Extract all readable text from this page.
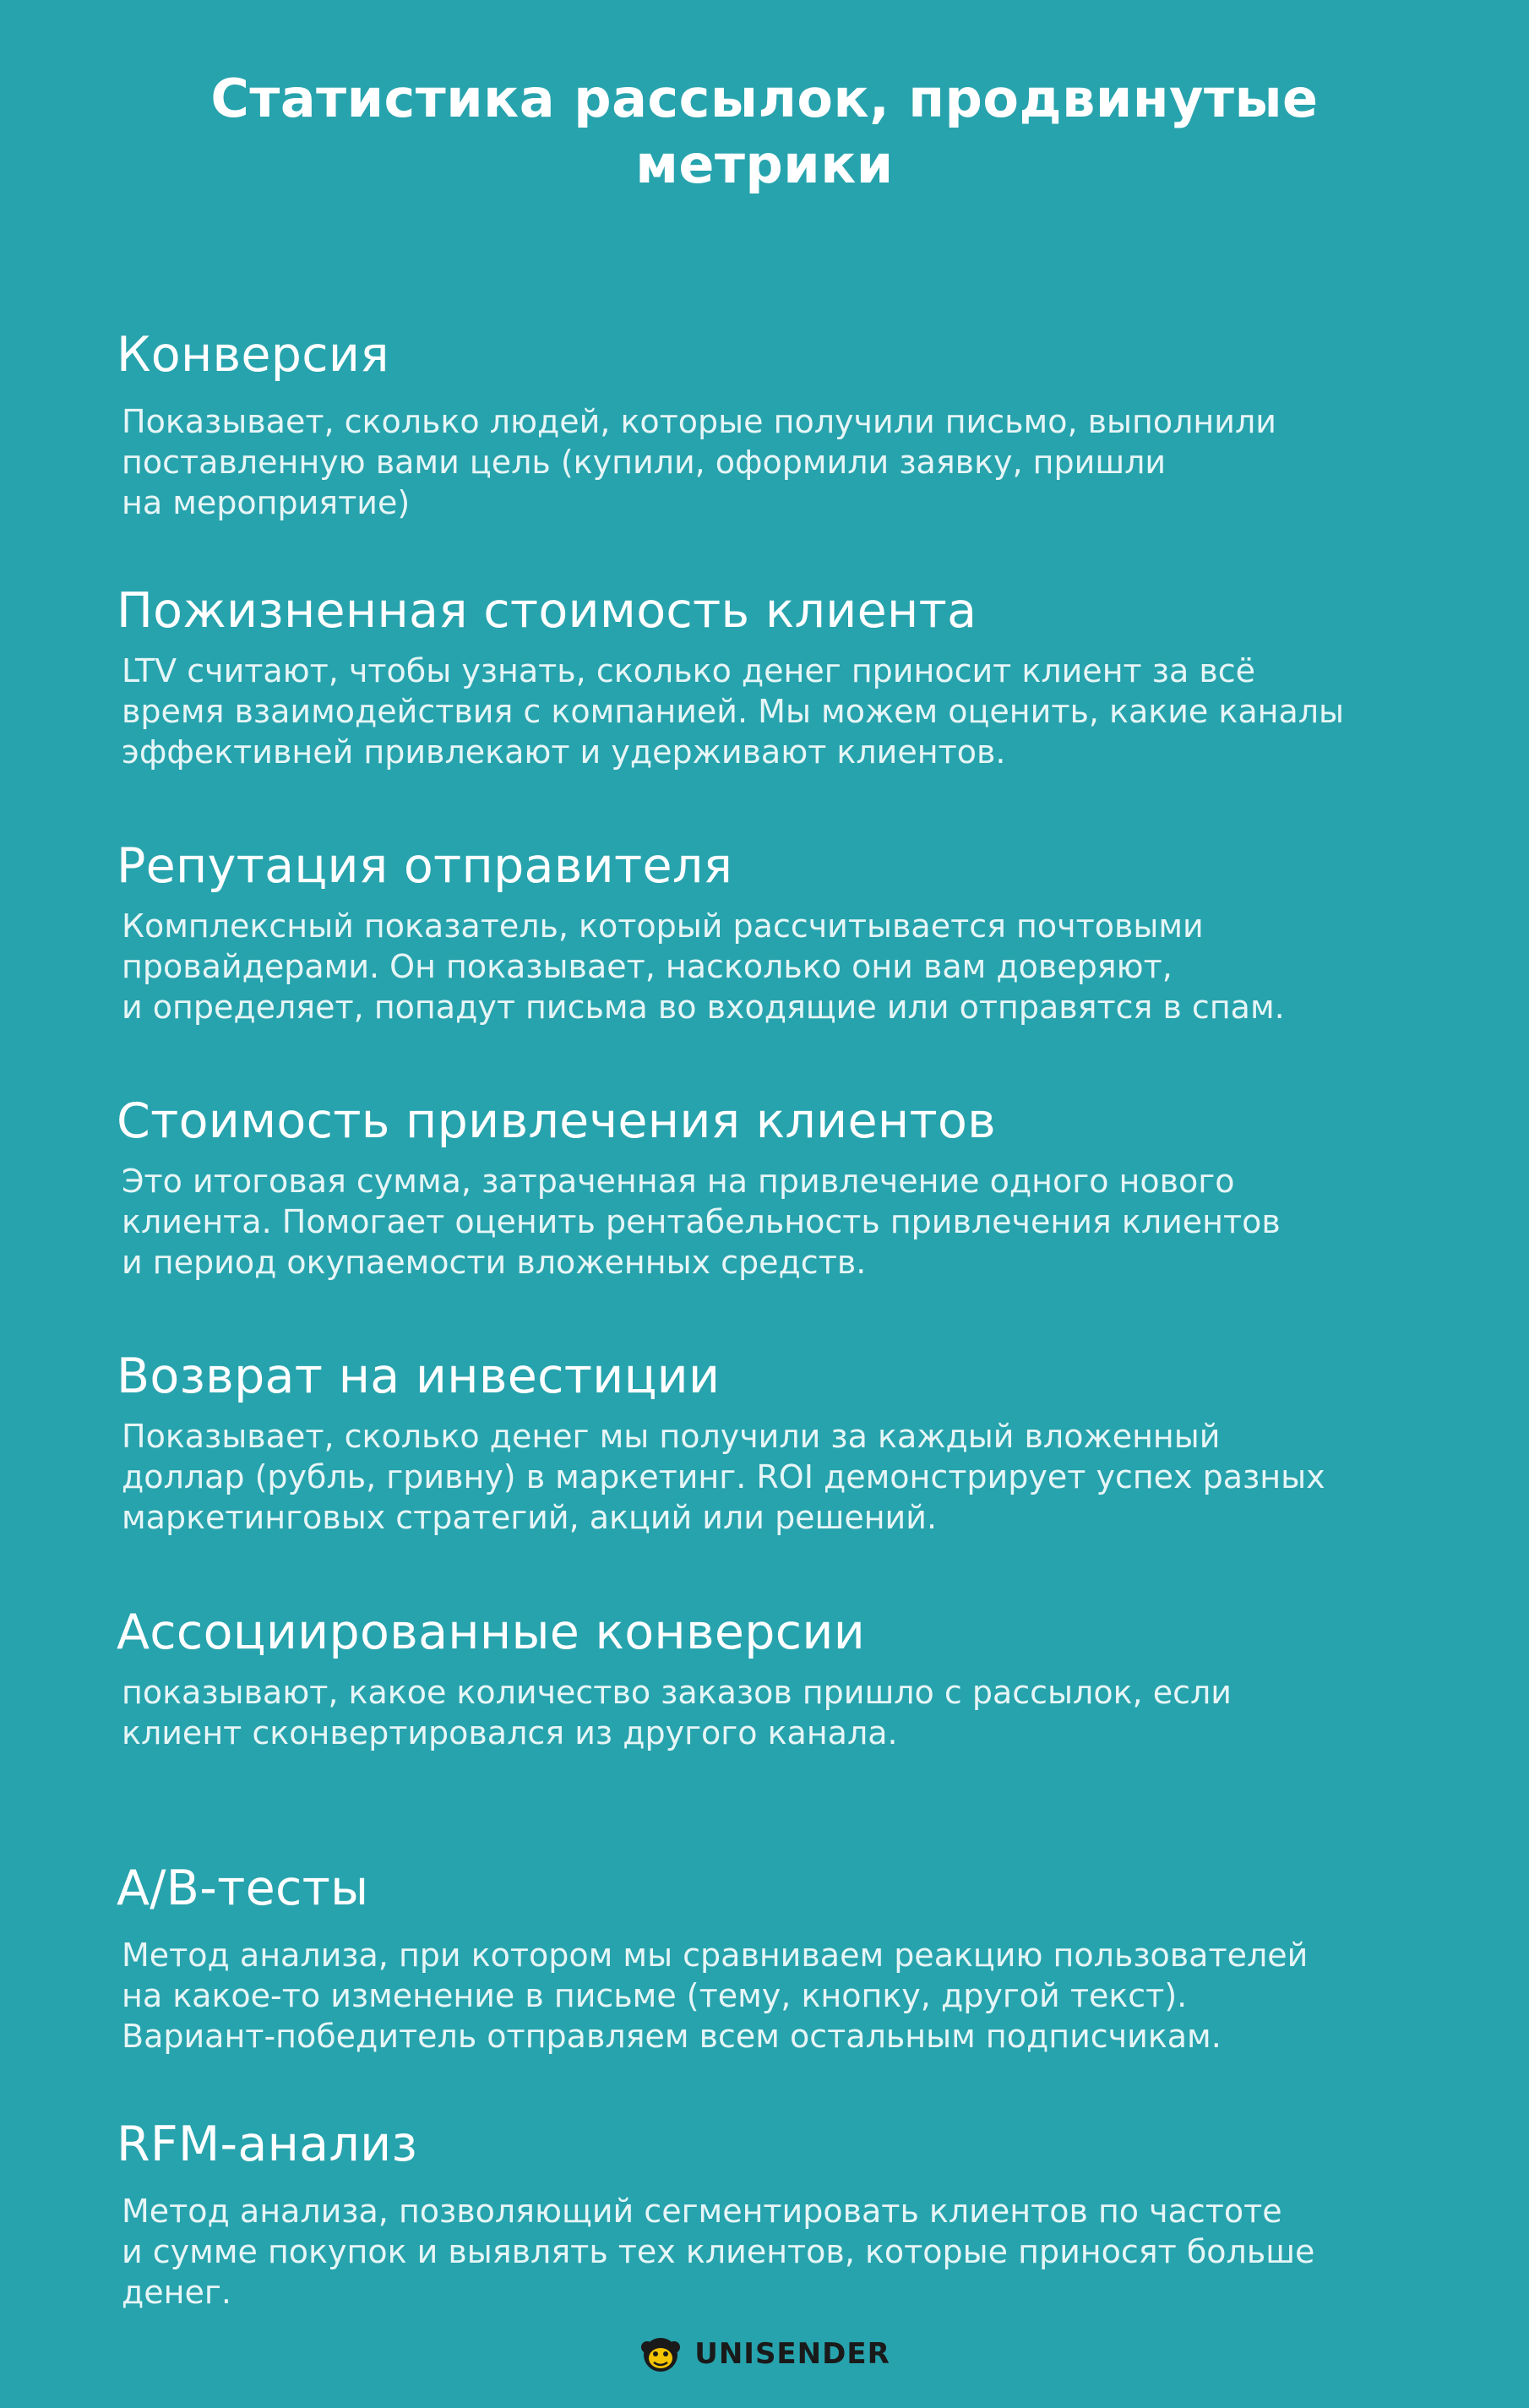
Статистика рассылок, продвинутые
метрики
Конверсия

Показывает, сколько людей, которые получили письмо, выполнили
поставленную вами цель (купили, оформили заявку, пришли
на мероприятие)

Пожизненная стоимость клиента

LTV считают, чтобы узнать, сколько денег приносит клиент за всё
время взаимодействия с компанией. Мы можем оценить, какие каналы
эффективней привлекают и удерживают клиентов.

Репутация отправителя

Комплексный показатель, который рассчитывается почтовыми
провайдерами. Он показывает, насколько они вам доверяют,
и определяет, попадут письма во входящие или отправятся в спам.

Стоимость привлечения клиентов

Это итоговая сумма, затраченная на привлечение одного нового
клиента. Помогает оценить рентабельность привлечения клиентов
и период окупаемости вложенных средств.

Возврат на инвестиции

Показывает, сколько денег мы получили за каждый вложенный
доллар (рубль, гривну) в маркетинг. ROI демонстрирует успех разных
маркетинговых стратегий, акций или решений.

Ассоциированные конверсии

показывают, какое количество заказов пришло с рассылок, если
клиент сконвертировался из другого канала.

A/B-тесты

Метод анализа, при котором мы сравниваем реакцию пользователей
на какое-то изменение в письме (тему, кнопку, другой текст).
Вариант-победитель отправляем всем остальным подписчикам.

RFM-анализ

Метод анализа, позволяющий сегментировать клиентов по частоте
и сумме покупок и выявлять тех клиентов, которые приносят больше
денег.

UNISENDER
